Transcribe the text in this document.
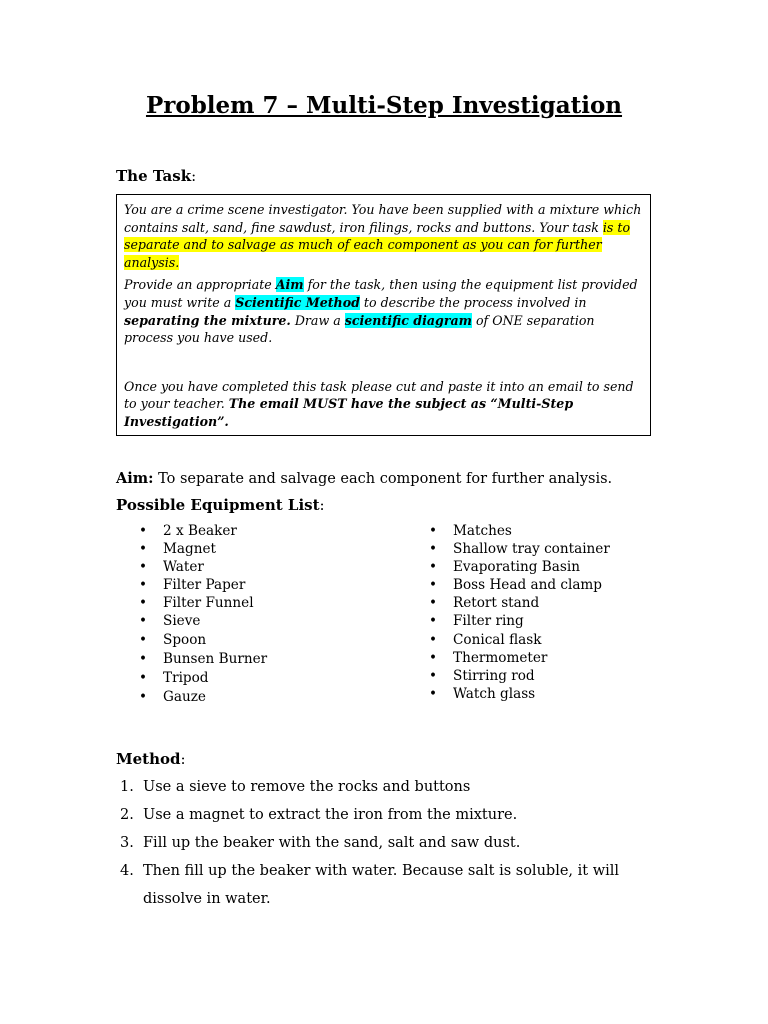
Problem 7 – Multi-Step Investigation
The Task:

You are a crime scene investigator. You have been supplied with a mixture which contains salt, sand, fine sawdust, iron filings, rocks and buttons. Your task is to separate and to salvage as much of each component as you can for further analysis.

Provide an appropriate Aim for the task, then using the equipment list provided you must write a Scientific Method to describe the process involved in separating the mixture. Draw a scientific diagram of ONE separation process you have used.

Once you have completed this task please cut and paste it into an email to send to your teacher. The email MUST have the subject as “Multi-Step Investigation”.

Aim: To separate and salvage each component for further analysis.
Possible Equipment List:
• 2 x Beaker
• Magnet
• Water
• Filter Paper
• Filter Funnel
• Sieve
• Spoon
• Bunsen Burner
• Tripod
• Gauze
• Matches
• Shallow tray container
• Evaporating Basin
• Boss Head and clamp
• Retort stand
• Filter ring
• Conical flask
• Thermometer
• Stirring rod
• Watch glass
Method:
1. Use a sieve to remove the rocks and buttons
2. Use a magnet to extract the iron from the mixture.
3. Fill up the beaker with the sand, salt and saw dust.
4. Then fill up the beaker with water. Because salt is soluble, it will dissolve in water.
